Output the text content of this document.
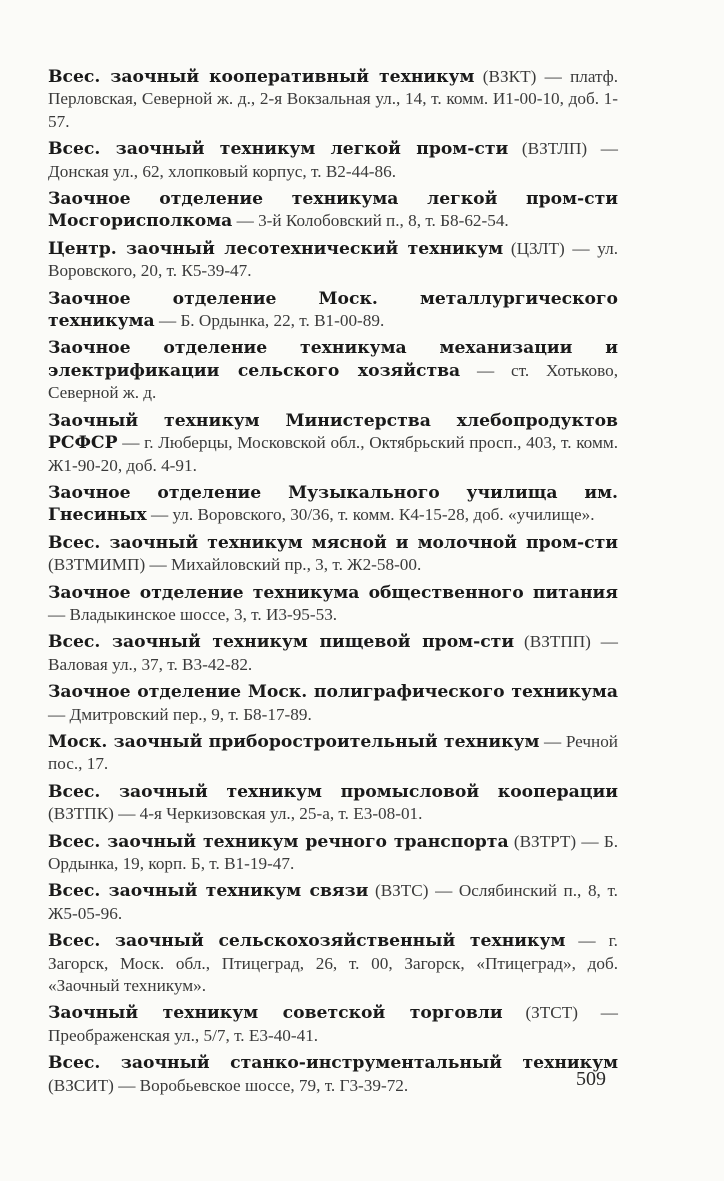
Всес. заочный кооперативный техникум (ВЗКТ) — платф. Перловская, Северной ж. д., 2-я Вокзальная ул., 14, т. комм. И1-00-10, доб. 1-57.

Всес. заочный техникум легкой пром-сти (ВЗТЛП) — Донская ул., 62, хлопковый корпус, т. В2-44-86.

Заочное отделение техникума легкой пром-сти Мосгорисполкома — 3-й Колобовский п., 8, т. Б8-62-54.

Центр. заочный лесотехнический техникум (ЦЗЛТ) — ул. Воровского, 20, т. К5-39-47.

Заочное отделение Моск. металлургического техникума — Б. Ордынка, 22, т. В1-00-89.

Заочное отделение техникума механизации и электрификации сельского хозяйства — ст. Хотьково, Северной ж. д.

Заочный техникум Министерства хлебопродуктов РСФСР — г. Люберцы, Московской обл., Октябрьский просп., 403, т. комм. Ж1-90-20, доб. 4-91.

Заочное отделение Музыкального училища им. Гнесиных — ул. Воровского, 30/36, т. комм. К4-15-28, доб. «училище».

Всес. заочный техникум мясной и молочной пром-сти (ВЗТМИМП) — Михайловский пр., 3, т. Ж2-58-00.

Заочное отделение техникума общественного питания — Владыкинское шоссе, 3, т. И3-95-53.

Всес. заочный техникум пищевой пром-сти (ВЗТПП) — Валовая ул., 37, т. В3-42-82.

Заочное отделение Моск. полиграфического техникума — Дмитровский пер., 9, т. Б8-17-89.

Моск. заочный приборостроительный техникум — Речной пос., 17.

Всес. заочный техникум промысловой кооперации (ВЗТПК) — 4-я Черкизовская ул., 25-а, т. Е3-08-01.

Всес. заочный техникум речного транспорта (ВЗТРТ) — Б. Ордынка, 19, корп. Б, т. В1-19-47.

Всес. заочный техникум связи (ВЗТС) — Ослябинский п., 8, т. Ж5-05-96.

Всес. заочный сельскохозяйственный техникум — г. Загорск, Моск. обл., Птицеград, 26, т. 00, Загорск, «Птицеград», доб. «Заочный техникум».

Заочный техникум советской торговли (ЗТСТ) — Преображенская ул., 5/7, т. Е3-40-41.

Всес. заочный станко-инструментальный техникум (ВЗСИТ) — Воробьевское шоссе, 79, т. Г3-39-72.	509
